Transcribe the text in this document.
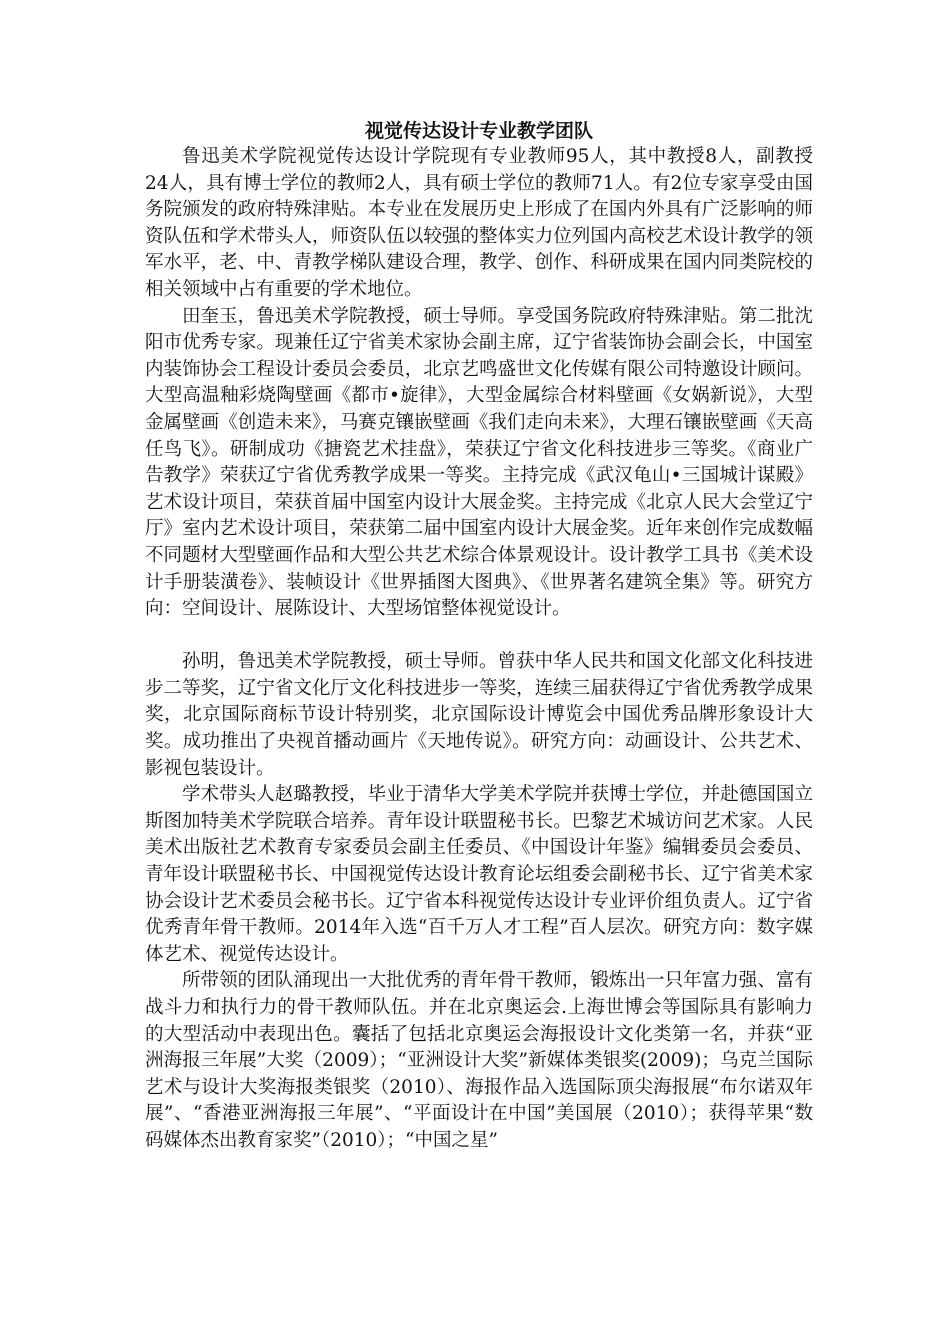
视觉传达设计专业教学团队

鲁迅美术学院视觉传达设计学院现有专业教师95人，其中教授8人，副教授24人，具有博士学位的教师2人，具有硕士学位的教师71人。有2位专家享受由国务院颁发的政府特殊津贴。本专业在发展历史上形成了在国内外具有广泛影响的师资队伍和学术带头人，师资队伍以较强的整体实力位列国内高校艺术设计教学的领军水平，老、中、青教学梯队建设合理，教学、创作、科研成果在国内同类院校的相关领域中占有重要的学术地位。

田奎玉，鲁迅美术学院教授，硕士导师。享受国务院政府特殊津贴。第二批沈阳市优秀专家。现兼任辽宁省美术家协会副主席，辽宁省装饰协会副会长，中国室内装饰协会工程设计委员会委员，北京艺鸣盛世文化传媒有限公司特邀设计顾问。大型高温釉彩烧陶壁画《都市•旋律》，大型金属综合材料壁画《女娲新说》，大型金属壁画《创造未来》，马赛克镶嵌壁画《我们走向未来》，大理石镶嵌壁画《天高任鸟飞》。研制成功《搪瓷艺术挂盘》，荣获辽宁省文化科技进步三等奖。《商业广告教学》荣获辽宁省优秀教学成果一等奖。主持完成《武汉龟山•三国城计谋殿》艺术设计项目，荣获首届中国室内设计大展金奖。主持完成《北京人民大会堂辽宁厅》室内艺术设计项目，荣获第二届中国室内设计大展金奖。近年来创作完成数幅不同题材大型壁画作品和大型公共艺术综合体景观设计。设计教学工具书《美术设计手册装潢卷》、装帧设计《世界插图大图典》、《世界著名建筑全集》等。研究方向：空间设计、展陈设计、大型场馆整体视觉设计。

孙明，鲁迅美术学院教授，硕士导师。曾获中华人民共和国文化部文化科技进步二等奖，辽宁省文化厅文化科技进步一等奖，连续三届获得辽宁省优秀教学成果奖，北京国际商标节设计特别奖，北京国际设计博览会中国优秀品牌形象设计大奖。成功推出了央视首播动画片《天地传说》。研究方向：动画设计、公共艺术、影视包装设计。

学术带头人赵璐教授，毕业于清华大学美术学院并获博士学位，并赴德国国立斯图加特美术学院联合培养。青年设计联盟秘书长。巴黎艺术城访问艺术家。人民美术出版社艺术教育专家委员会副主任委员、《中国设计年鉴》编辑委员会委员、青年设计联盟秘书长、中国视觉传达设计教育论坛组委会副秘书长、辽宁省美术家协会设计艺术委员会秘书长。辽宁省本科视觉传达设计专业评价组负责人。辽宁省优秀青年骨干教师。2014年入选“百千万人才工程”百人层次。研究方向：数字媒体艺术、视觉传达设计。

所带领的团队涌现出一大批优秀的青年骨干教师，锻炼出一只年富力强、富有战斗力和执行力的骨干教师队伍。并在北京奥运会.上海世博会等国际具有影响力的大型活动中表现出色。囊括了包括北京奥运会海报设计文化类第一名，并获“亚洲海报三年展”大奖（2009）；“亚洲设计大奖”新媒体类银奖(2009)；乌克兰国际艺术与设计大奖海报类银奖（2010）、海报作品入选国际顶尖海报展“布尔诺双年展”、“香港亚洲海报三年展”、“平面设计在中国”美国展（2010）；获得苹果“数码媒体杰出教育家奖”（2010）；“中国之星”
